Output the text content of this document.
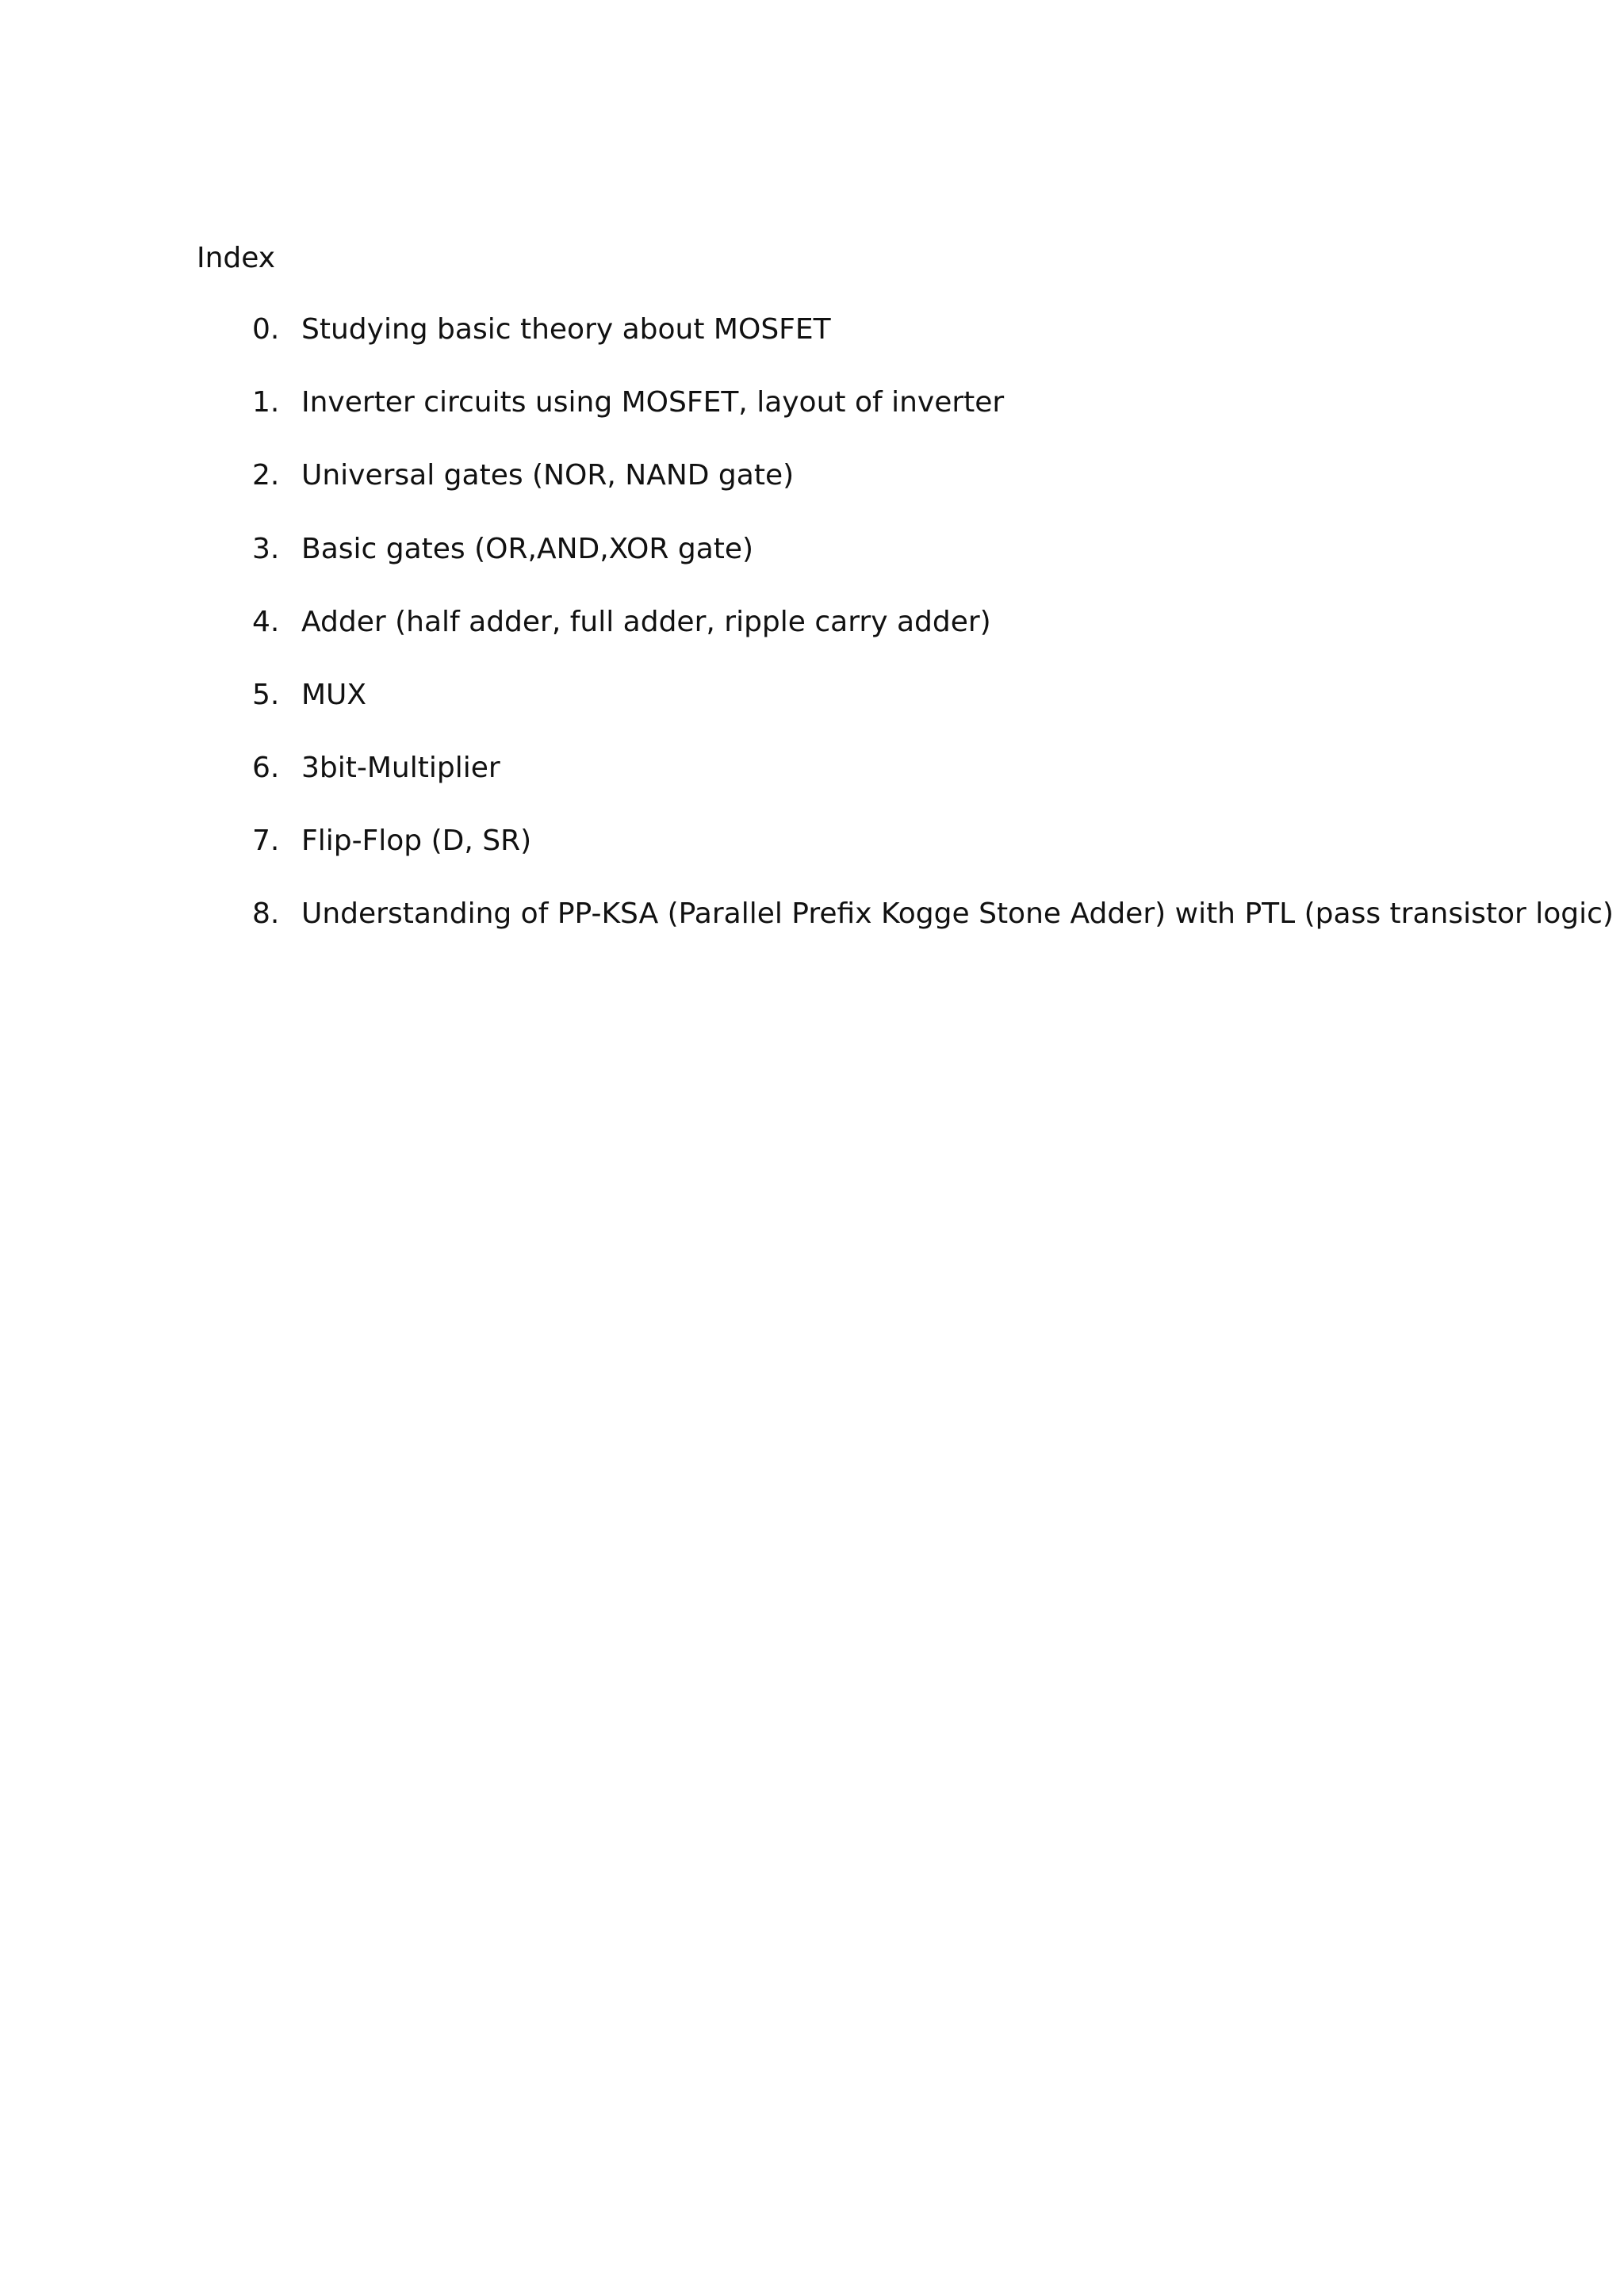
Index
0. Studying basic theory about MOSFET
1. Inverter circuits using MOSFET, layout of inverter
2. Universal gates (NOR, NAND gate)
3. Basic gates (OR,AND,XOR gate)
4. Adder (half adder, full adder, ripple carry adder)
5. MUX
6. 3bit-Multiplier
7. Flip-Flop (D, SR)
8. Understanding of PP-KSA (Parallel Prefix Kogge Stone Adder) with PTL (pass transistor logic)
